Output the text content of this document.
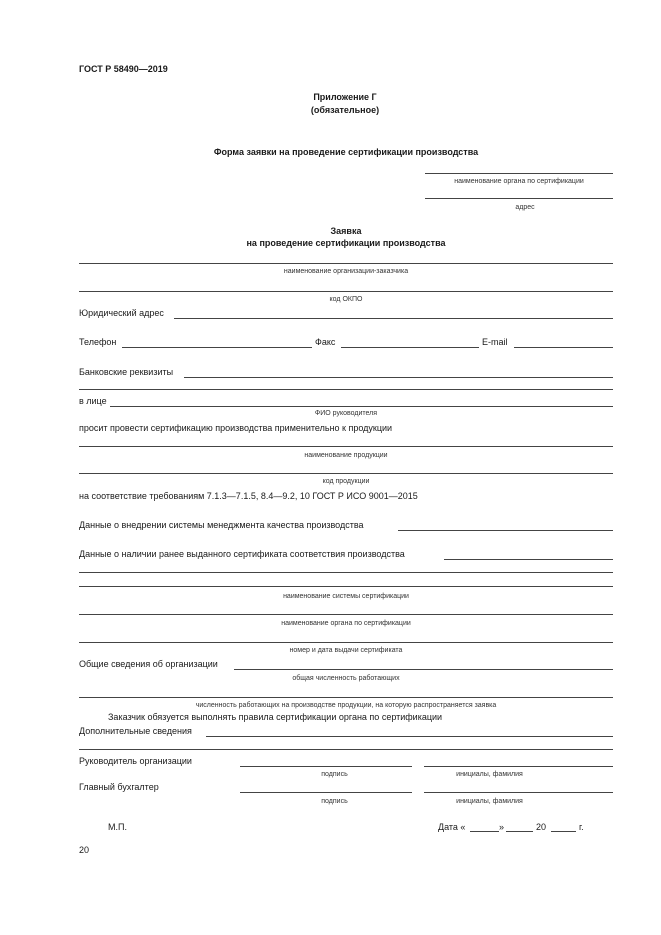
ГОСТ Р 58490—2019
Приложение Г
(обязательное)
Форма заявки на проведение сертификации производства
наименование органа по сертификации
адрес
Заявка
на проведение сертификации производства
наименование организации-заказчика
код ОКПО
Юридический адрес
Телефон	Факс	E-mail
Банковские реквизиты
в лице
ФИО руководителя
просит провести сертификацию производства применительно к продукции
наименование продукции
код продукции
на соответствие требованиям 7.1.3—7.1.5, 8.4—9.2, 10 ГОСТ Р ИСО 9001—2015
Данные о внедрении системы менеджмента качества производства
Данные о наличии ранее выданного сертификата соответствия производства
наименование системы сертификации
наименование органа по сертификации
номер и дата выдачи сертификата
Общие сведения об организации
общая численность работающих
численность работающих на производстве продукции, на которую распространяется заявка
Заказчик обязуется выполнять правила сертификации органа по сертификации
Дополнительные сведения
Руководитель организации
подпись	инициалы, фамилия
Главный бухгалтер
подпись	инициалы, фамилия
М.П.	Дата «	»	20	г.
20
